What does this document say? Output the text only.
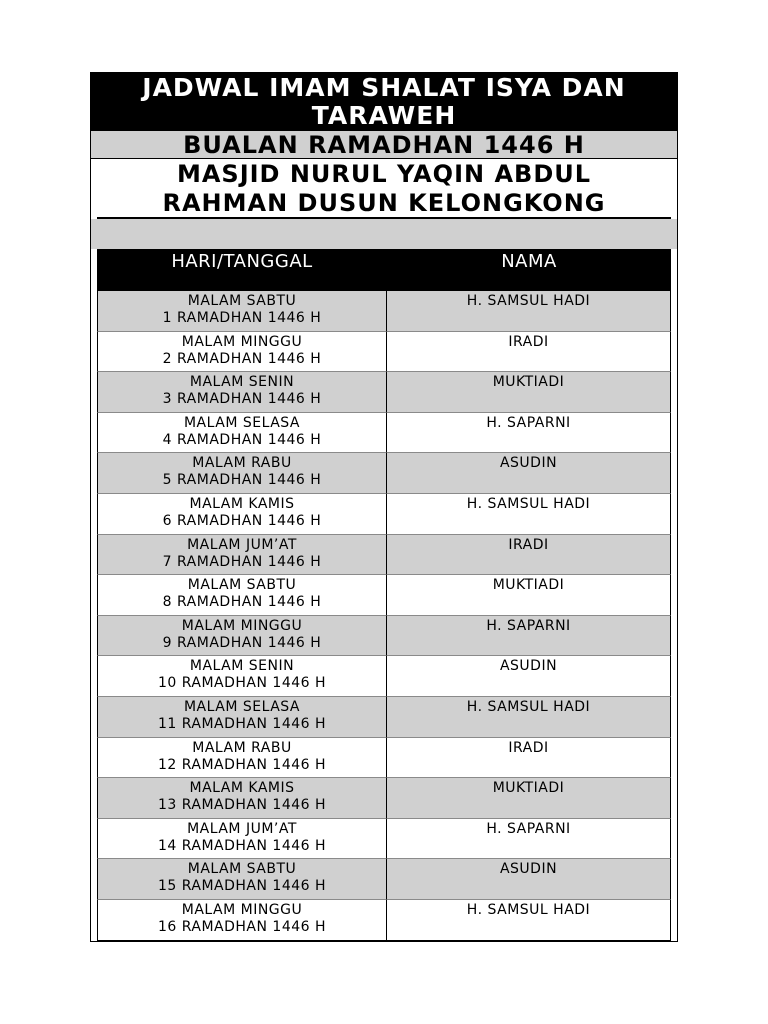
JADWAL IMAM SHALAT ISYA DAN TARAWEH
BUALAN RAMADHAN 1446 H
MASJID NURUL YAQIN ABDUL
RAHMAN DUSUN KELONGKONG
HARI/TANGGAL	NAMA
MALAM SABTU
1 RAMADHAN 1446 H
H. SAMSUL HADI
MALAM MINGGU
2 RAMADHAN 1446 H
IRADI
MALAM SENIN
3 RAMADHAN 1446 H
MUKTIADI
MALAM SELASA
4 RAMADHAN 1446 H
H. SAPARNI
MALAM RABU
5 RAMADHAN 1446 H
ASUDIN
MALAM KAMIS
6 RAMADHAN 1446 H
H. SAMSUL HADI
MALAM JUM’AT
7 RAMADHAN 1446 H
IRADI
MALAM SABTU
8 RAMADHAN 1446 H
MUKTIADI
MALAM MINGGU
9 RAMADHAN 1446 H
H. SAPARNI
MALAM SENIN
10 RAMADHAN 1446 H
ASUDIN
MALAM SELASA
11 RAMADHAN 1446 H
H. SAMSUL HADI
MALAM RABU
12 RAMADHAN 1446 H
IRADI
MALAM KAMIS
13 RAMADHAN 1446 H
MUKTIADI
MALAM JUM’AT
14 RAMADHAN 1446 H
H. SAPARNI
MALAM SABTU
15 RAMADHAN 1446 H
ASUDIN
MALAM MINGGU
16 RAMADHAN 1446 H
H. SAMSUL HADI
